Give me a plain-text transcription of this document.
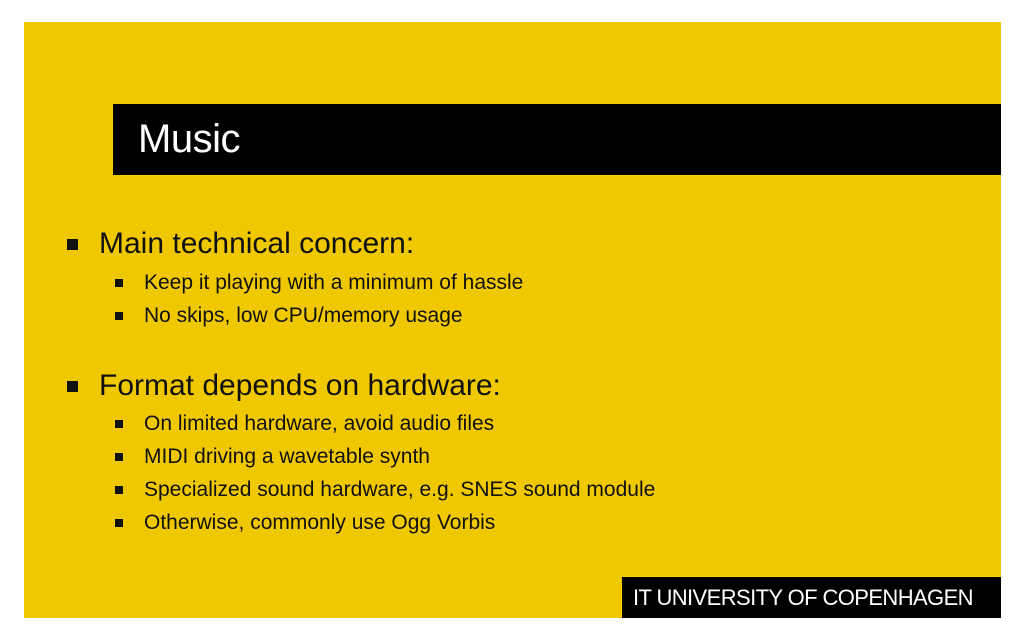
Music
Main technical concern:
Keep it playing with a minimum of hassle
No skips, low CPU/memory usage
Format depends on hardware:
On limited hardware, avoid audio files
MIDI driving a wavetable synth
Specialized sound hardware, e.g. SNES sound module
Otherwise, commonly use Ogg Vorbis
IT UNIVERSITY OF COPENHAGEN
